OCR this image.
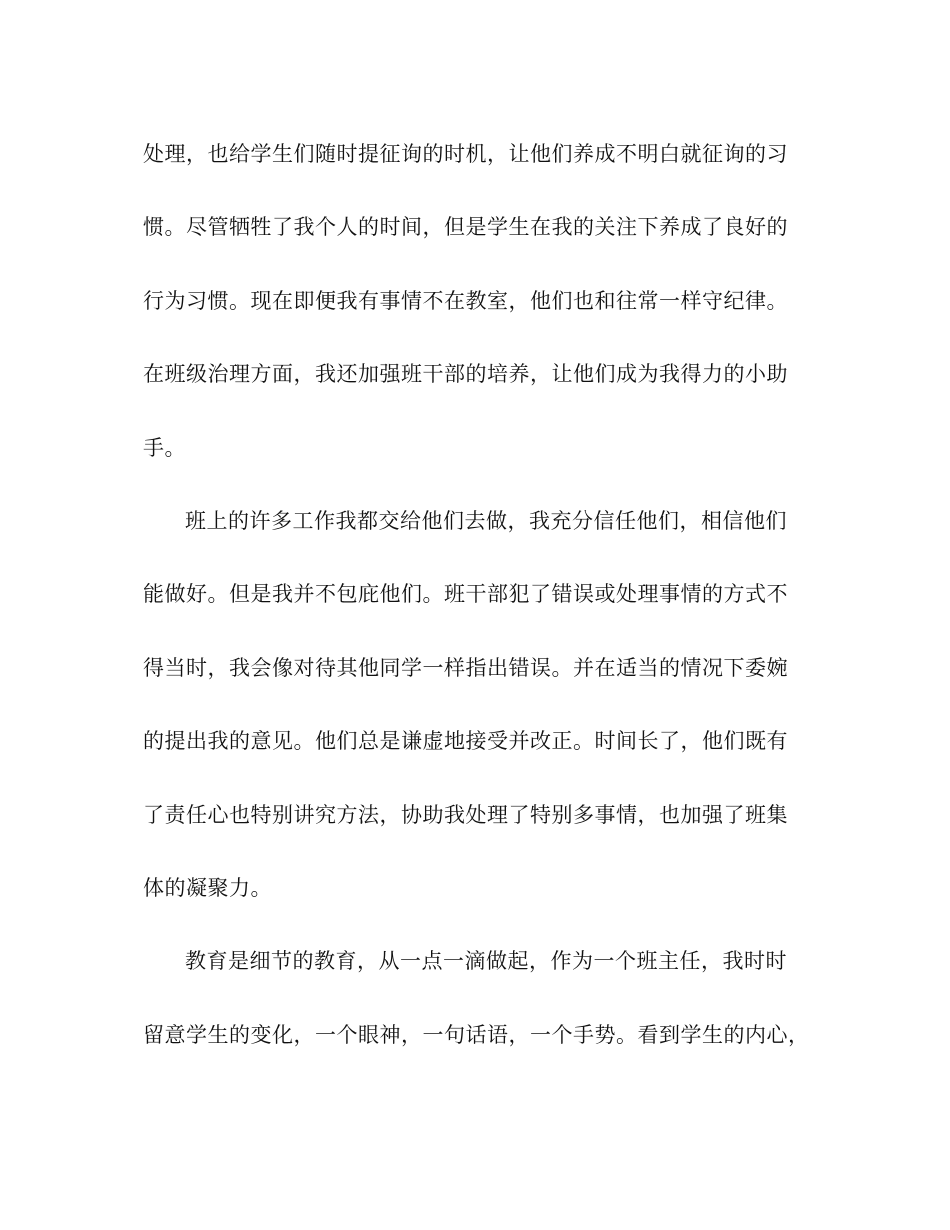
处理，也给学生们随时提征询的时机，让他们养成不明白就征询的习
惯。尽管牺牲了我个人的时间，但是学生在我的关注下养成了良好的
行为习惯。现在即便我有事情不在教室，他们也和往常一样守纪律。
在班级治理方面，我还加强班干部的培养，让他们成为我得力的小助
手。
班上的许多工作我都交给他们去做，我充分信任他们，相信他们
能做好。但是我并不包庇他们。班干部犯了错误或处理事情的方式不
得当时，我会像对待其他同学一样指出错误。并在适当的情况下委婉
的提出我的意见。他们总是谦虚地接受并改正。时间长了，他们既有
了责任心也特别讲究方法，协助我处理了特别多事情，也加强了班集
体的凝聚力。
教育是细节的教育，从一点一滴做起，作为一个班主任，我时时
留意学生的变化，一个眼神，一句话语，一个手势。看到学生的内心，
